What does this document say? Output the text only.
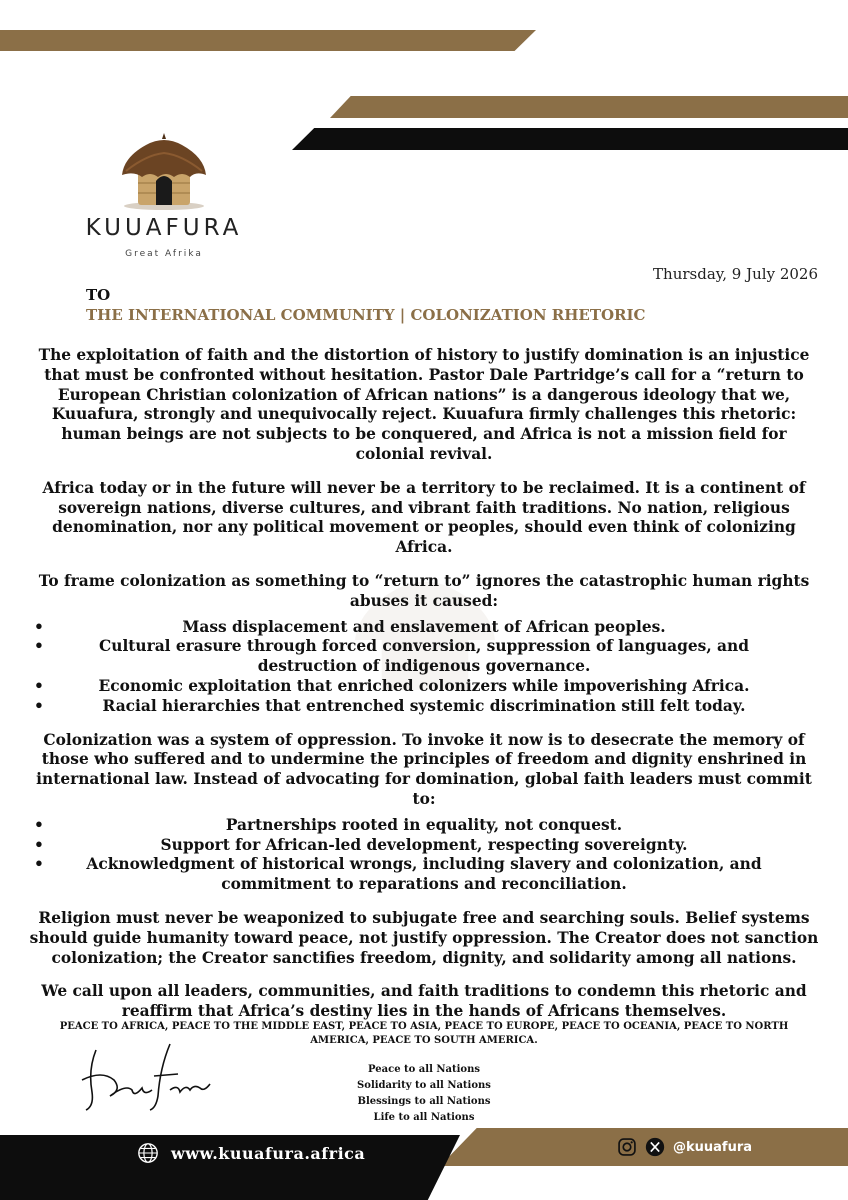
KUUAFURA
Great Afrika
Thursday, 9 July 2026
TO
THE INTERNATIONAL COMMUNITY | COLONIZATION RHETORIC

The exploitation of faith and the distortion of history to justify domination is an injustice that must be confronted without hesitation. Pastor Dale Partridge’s call for a “return to European Christian colonization of African nations” is a dangerous ideology that we, Kuuafura, strongly and unequivocally reject. Kuuafura firmly challenges this rhetoric: human beings are not subjects to be conquered, and Africa is not a mission field for colonial revival.

Africa today or in the future will never be a territory to be reclaimed. It is a continent of sovereign nations, diverse cultures, and vibrant faith traditions. No nation, religious denomination, nor any political movement or peoples, should even think of colonizing Africa.

To frame colonization as something to “return to” ignores the catastrophic human rights abuses it caused:

• Mass displacement and enslavement of African peoples.
• Cultural erasure through forced conversion, suppression of languages, and destruction of indigenous governance.
• Economic exploitation that enriched colonizers while impoverishing Africa.
• Racial hierarchies that entrenched systemic discrimination still felt today.

Colonization was a system of oppression. To invoke it now is to desecrate the memory of those who suffered and to undermine the principles of freedom and dignity enshrined in international law. Instead of advocating for domination, global faith leaders must commit to:

• Partnerships rooted in equality, not conquest.
• Support for African-led development, respecting sovereignty.
• Acknowledgment of historical wrongs, including slavery and colonization, and commitment to reparations and reconciliation.

Religion must never be weaponized to subjugate free and searching souls. Belief systems should guide humanity toward peace, not justify oppression. The Creator does not sanction colonization; the Creator sanctifies freedom, dignity, and solidarity among all nations.

We call upon all leaders, communities, and faith traditions to condemn this rhetoric and reaffirm that Africa’s destiny lies in the hands of Africans themselves.

PEACE TO AFRICA, PEACE TO THE MIDDLE EAST, PEACE TO ASIA, PEACE TO EUROPE, PEACE TO OCEANIA, PEACE TO NORTH AMERICA, PEACE TO SOUTH AMERICA.
Peace to all Nations
Solidarity to all Nations
Blessings to all Nations
Life to all Nations
www.kuuafura.africa	@kuuafura
